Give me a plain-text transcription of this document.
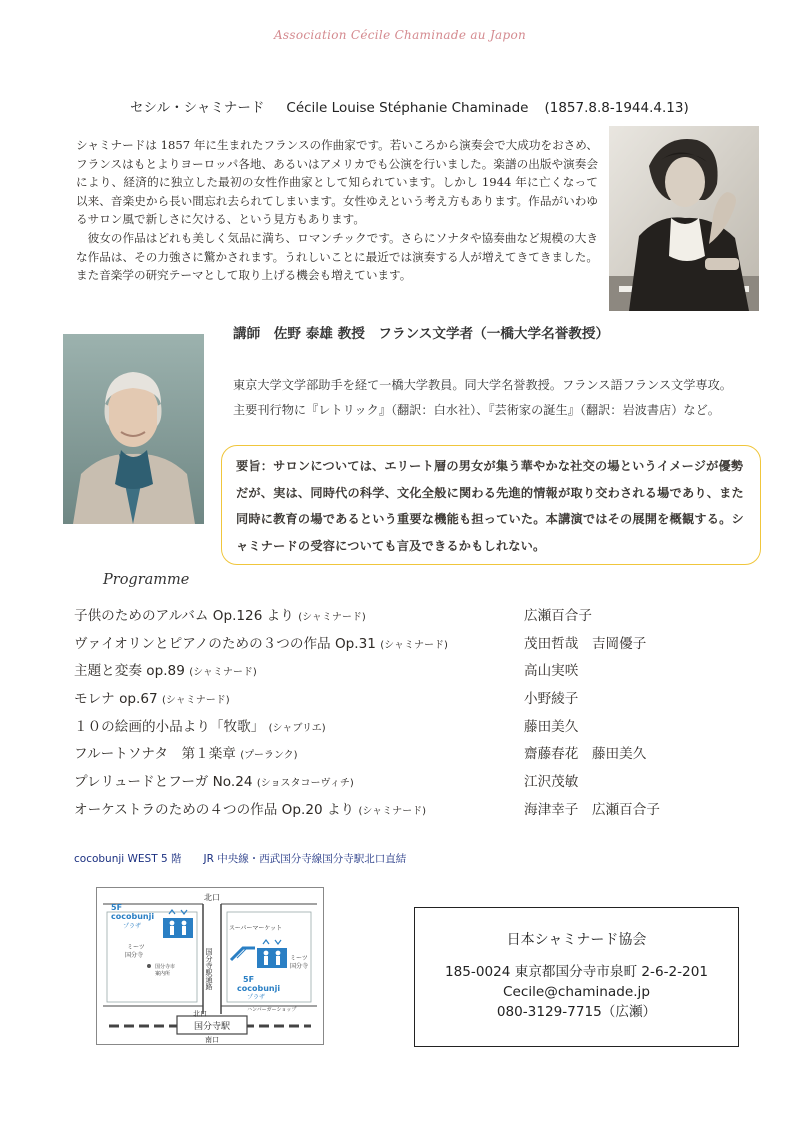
Association Cécile Chaminade au Japon
セシル・シャミナード Cécile Louise Stéphanie Chaminade (1857.8.8-1944.4.13)

シャミナードは 1857 年に生まれたフランスの作曲家です。若いころから演奏会で大成功をおさめ、フランスはもとよりヨーロッパ各地、あるいはアメリカでも公演を行いました。楽譜の出版や演奏会により、経済的に独立した最初の女性作曲家として知られています。しかし 1944 年に亡くなって以来、音楽史から長い間忘れ去られてしまいます。女性ゆえという考え方もあります。作品がいわゆるサロン風で新しさに欠ける、という見方もあります。

彼女の作品はどれも美しく気品に満ち、ロマンチックです。さらにソナタや協奏曲など規模の大きな作品は、その力強さに驚かされます。うれしいことに最近では演奏する人が増えてきてきました。また音楽学の研究テーマとして取り上げる機会も増えています。

講師　佐野 泰雄 教授　フランス文学者（一橋大学名誉教授）
東京大学文学部助手を経て一橋大学教員。同大学名誉教授。フランス語フランス文学専攻。主要刊行物に『レトリック』（翻訳：白水社）、『芸術家の誕生』（翻訳：岩波書店）など。
要旨：サロンについては、エリート層の男女が集う華やかな社交の場というイメージが優勢だが、実は、同時代の科学、文化全般に関わる先進的情報が取り交わされる場であり、また同時に教育の場であるという重要な機能も担っていた。本講演ではその展開を概観する。シャミナードの受容についても言及できるかもしれない。
Programme
子供のためのアルバム Op.126 より (シャミナード)	広瀬百合子
ヴァイオリンとピアノのための３つの作品 Op.31 (シャミナード)	茂田哲哉　吉岡優子
主題と変奏 op.89 (シャミナード)	高山実咲
モレナ op.67 (シャミナード)	小野綾子
１０の絵画的小品より「牧歌」 (シャブリエ)	藤田美久
フルートソナタ　第１楽章 (プーランク)	齋藤春花　藤田美久
プレリュードとフーガ No.24 (ショスタコーヴィチ)	江沢茂敏
オーケストラのための４つの作品 Op.20 より (シャミナード)	海津幸子　広瀬百合子
cocobunji WEST 5 階 JR 中央線・西武国分寺線国分寺駅北口直結
国分寺駅
5F
cocobunji
プラザ
ミーツ
国分寺
国分寺市
案内所
北口
国分寺駅通路
スーパーマーケット
ミーツ
国分寺
5F
cocobunji
プラザ
ハンバーガーショップ
北口
南口
日本シャミナード協会
185-0024 東京都国分寺市泉町 2-6-2-201
Cecile@chaminade.jp
080-3129-7715（広瀬）
